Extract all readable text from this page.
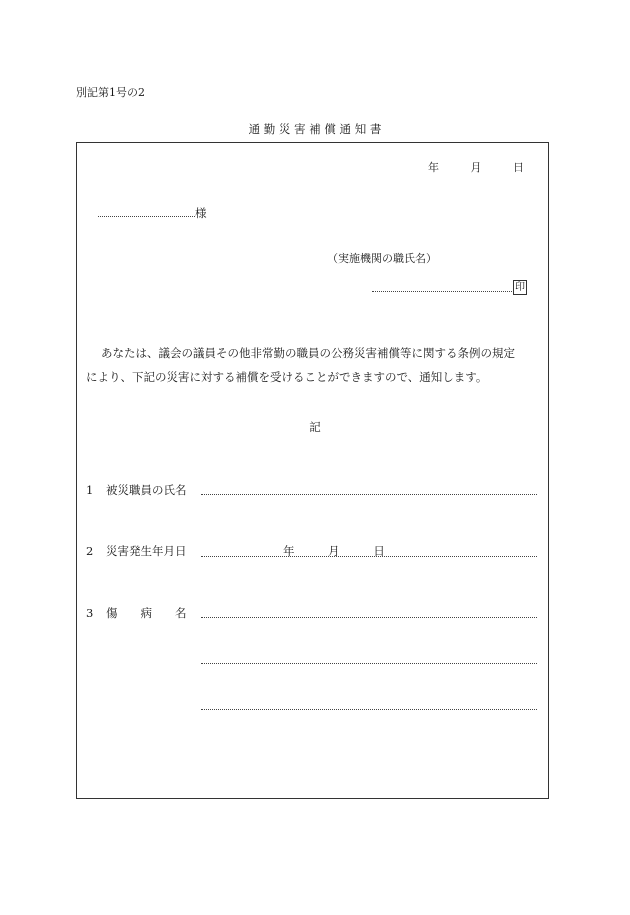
別記第1号の2
通 勤 災 害 補 償 通 知 書
年	月	日
様
（実施機関の職氏名）
印

あなたは、議会の議員その他非常勤の職員の公務災害補償等に関する条例の規定

により、下記の災害に対する補償を受けることができますので、通知します。

記
1 被災職員の氏名
2 災害発生年月日	年	月	日
3 傷　　病　　名
